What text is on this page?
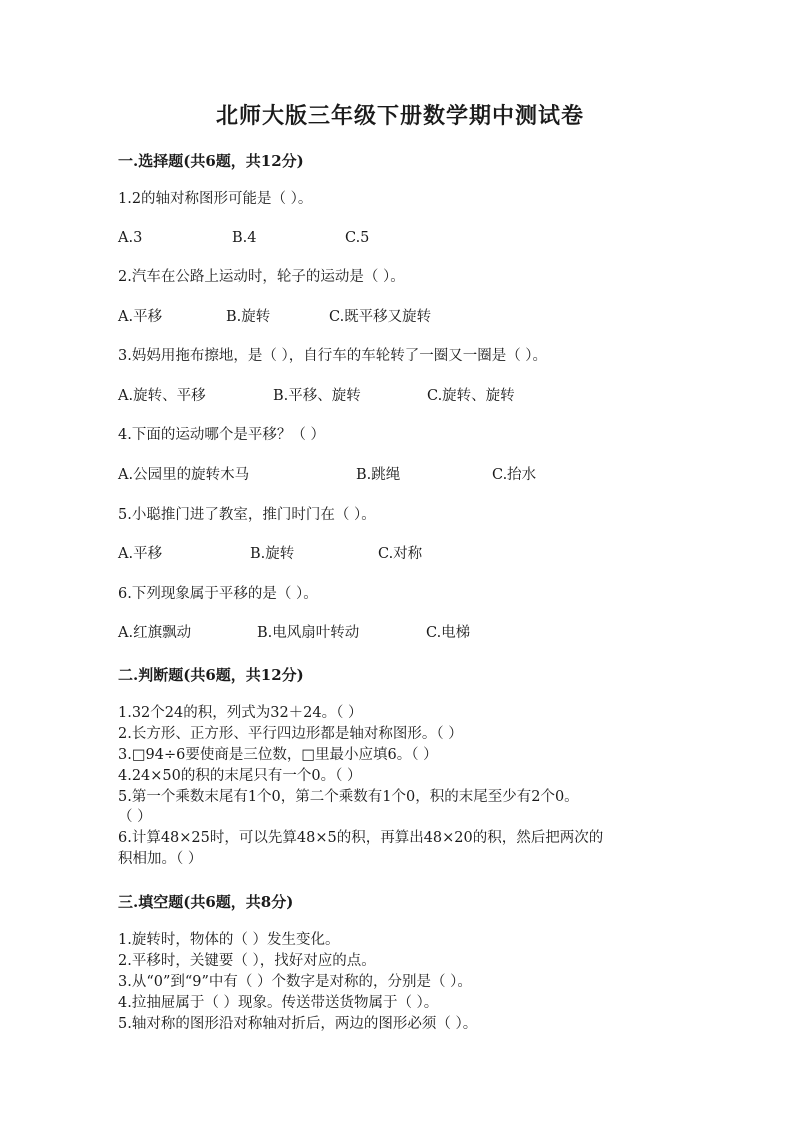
北师大版三年级下册数学期中测试卷
一.选择题(共6题，共12分)
1.2的轴对称图形可能是（ ）。
A.3	B.4	C.5
2.汽车在公路上运动时，轮子的运动是（ ）。
A.平移	B.旋转	C.既平移又旋转
3.妈妈用拖布擦地，是（ ），自行车的车轮转了一圈又一圈是（ ）。
A.旋转、平移	B.平移、旋转	C.旋转、旋转
4.下面的运动哪个是平移？（ ）
A.公园里的旋转木马	B.跳绳	C.抬水
5.小聪推门进了教室，推门时门在（ ）。
A.平移	B.旋转	C.对称
6.下列现象属于平移的是（ ）。
A.红旗飘动	B.电风扇叶转动	C.电梯
二.判断题(共6题，共12分)
1.32个24的积，列式为32＋24。（ ）
2.长方形、正方形、平行四边形都是轴对称图形。（ ）
3.□94÷6要使商是三位数，□里最小应填6。（ ）
4.24×50的积的末尾只有一个0。（ ）
5.第一个乘数末尾有1个0，第二个乘数有1个0，积的末尾至少有2个0。
（ ）
6.计算48×25时，可以先算48×5的积，再算出48×20的积，然后把两次的
积相加。（ ）
三.填空题(共6题，共8分)
1.旋转时，物体的（ ）发生变化。
2.平移时，关键要（ ），找好对应的点。
3.从“0”到“9”中有（ ）个数字是对称的，分别是（ ）。
4.拉抽屉属于（ ）现象。传送带送货物属于（ ）。
5.轴对称的图形沿对称轴对折后，两边的图形必须（ ）。
